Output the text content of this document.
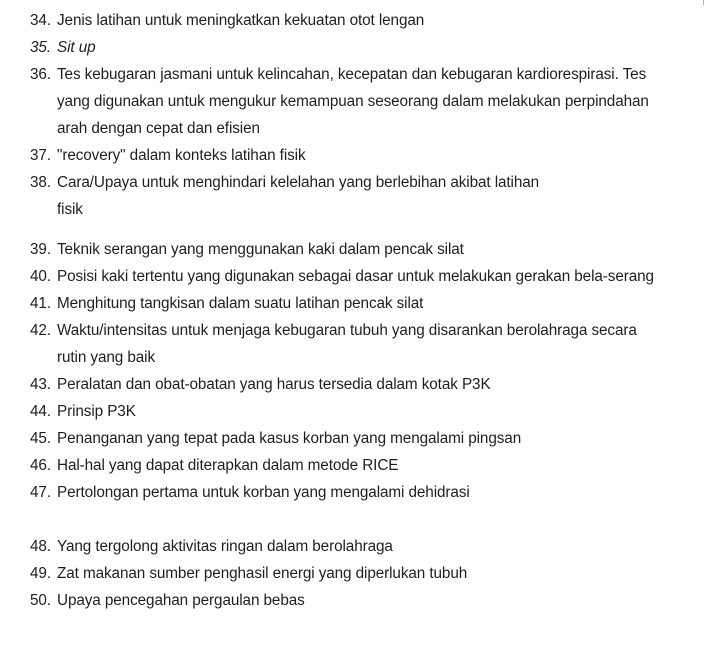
34. Jenis latihan untuk meningkatkan kekuatan otot lengan
35. Sit up
36. Tes kebugaran jasmani untuk kelincahan, kecepatan dan kebugaran kardiorespirasi. Tes
yang digunakan untuk mengukur kemampuan seseorang dalam melakukan perpindahan
arah dengan cepat dan efisien
37. "recovery" dalam konteks latihan fisik
38. Cara/Upaya untuk menghindari kelelahan yang berlebihan akibat latihan
fisik
39. Teknik serangan yang menggunakan kaki dalam pencak silat
40. Posisi kaki tertentu yang digunakan sebagai dasar untuk melakukan gerakan bela-serang
41. Menghitung tangkisan dalam suatu latihan pencak silat
42. Waktu/intensitas untuk menjaga kebugaran tubuh yang disarankan berolahraga secara
rutin yang baik
43. Peralatan dan obat-obatan yang harus tersedia dalam kotak P3K
44. Prinsip P3K
45. Penanganan yang tepat pada kasus korban yang mengalami pingsan
46. Hal-hal yang dapat diterapkan dalam metode RICE
47. Pertolongan pertama untuk korban yang mengalami dehidrasi
48. Yang tergolong aktivitas ringan dalam berolahraga
49. Zat makanan sumber penghasil energi yang diperlukan tubuh
50. Upaya pencegahan pergaulan bebas
